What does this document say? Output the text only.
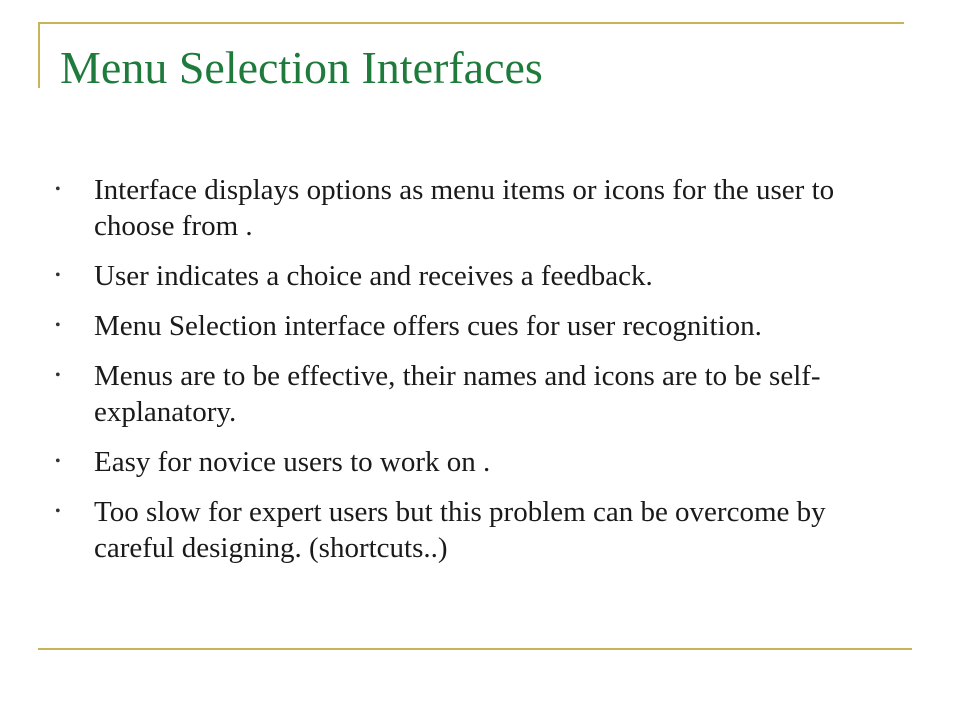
Menu Selection Interfaces
• Interface displays options as menu items or icons for the user to choose from .
• User indicates a choice and receives a feedback.
• Menu Selection interface offers cues for user recognition.
• Menus are to be effective, their names and icons are to be self-explanatory.
• Easy for novice users to work on .
• Too slow for expert users but this problem can be overcome by careful designing. (shortcuts..)
